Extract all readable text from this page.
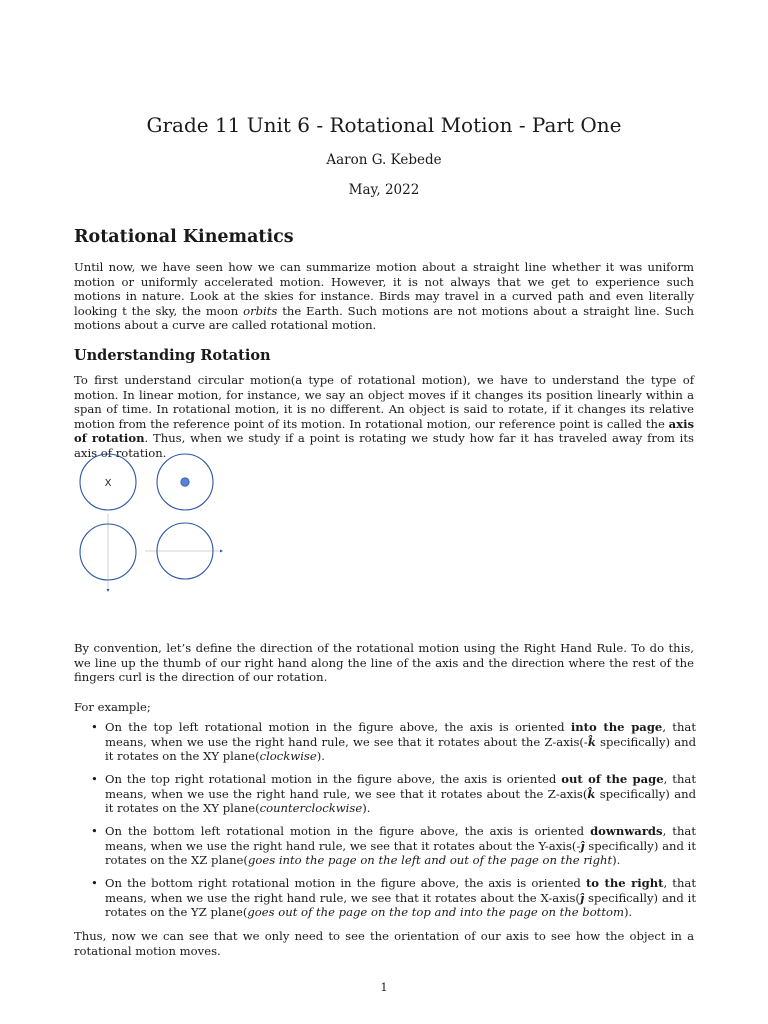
Grade 11 Unit 6 - Rotational Motion - Part One
Aaron G. Kebede
May, 2022
Rotational Kinematics

Until now, we have seen how we can summarize motion about a straight line whether it was uniform motion or uniformly accelerated motion. However, it is not always that we get to experience such motions in nature. Look at the skies for instance. Birds may travel in a curved path and even literally looking t the sky, the moon orbits the Earth. Such motions are not motions about a straight line. Such motions about a curve are called rotational motion.

Understanding Rotation

To first understand circular motion(a type of rotational motion), we have to understand the type of motion. In linear motion, for instance, we say an object moves if it changes its position linearly within a span of time. In rotational motion, it is no different. An object is said to rotate, if it changes its relative motion from the reference point of its motion. In rotational motion, our reference point is called the axis of rotation. Thus, when we study if a point is rotating we study how far it has traveled away from its axis of rotation.

X

By convention, let’s define the direction of the rotational motion using the Right Hand Rule. To do this, we line up the thumb of our right hand along the line of the axis and the direction where the rest of the fingers curl is the direction of our rotation.

For example;

• On the top left rotational motion in the figure above, the axis is oriented into the page, that means, when we use the right hand rule, we see that it rotates about the Z-axis(-k̂ specifically) and it rotates on the XY plane(clockwise).
• On the top right rotational motion in the figure above, the axis is oriented out of the page, that means, when we use the right hand rule, we see that it rotates about the Z-axis(k̂ specifically) and it rotates on the XY plane(counterclockwise).
• On the bottom left rotational motion in the figure above, the axis is oriented downwards, that means, when we use the right hand rule, we see that it rotates about the Y-axis(-ĵ specifically) and it rotates on the XZ plane(goes into the page on the left and out of the page on the right).
• On the bottom right rotational motion in the figure above, the axis is oriented to the right, that means, when we use the right hand rule, we see that it rotates about the X-axis(ĵ specifically) and it rotates on the YZ plane(goes out of the page on the top and into the page on the bottom).

Thus, now we can see that we only need to see the orientation of our axis to see how the object in a rotational motion moves.

1
